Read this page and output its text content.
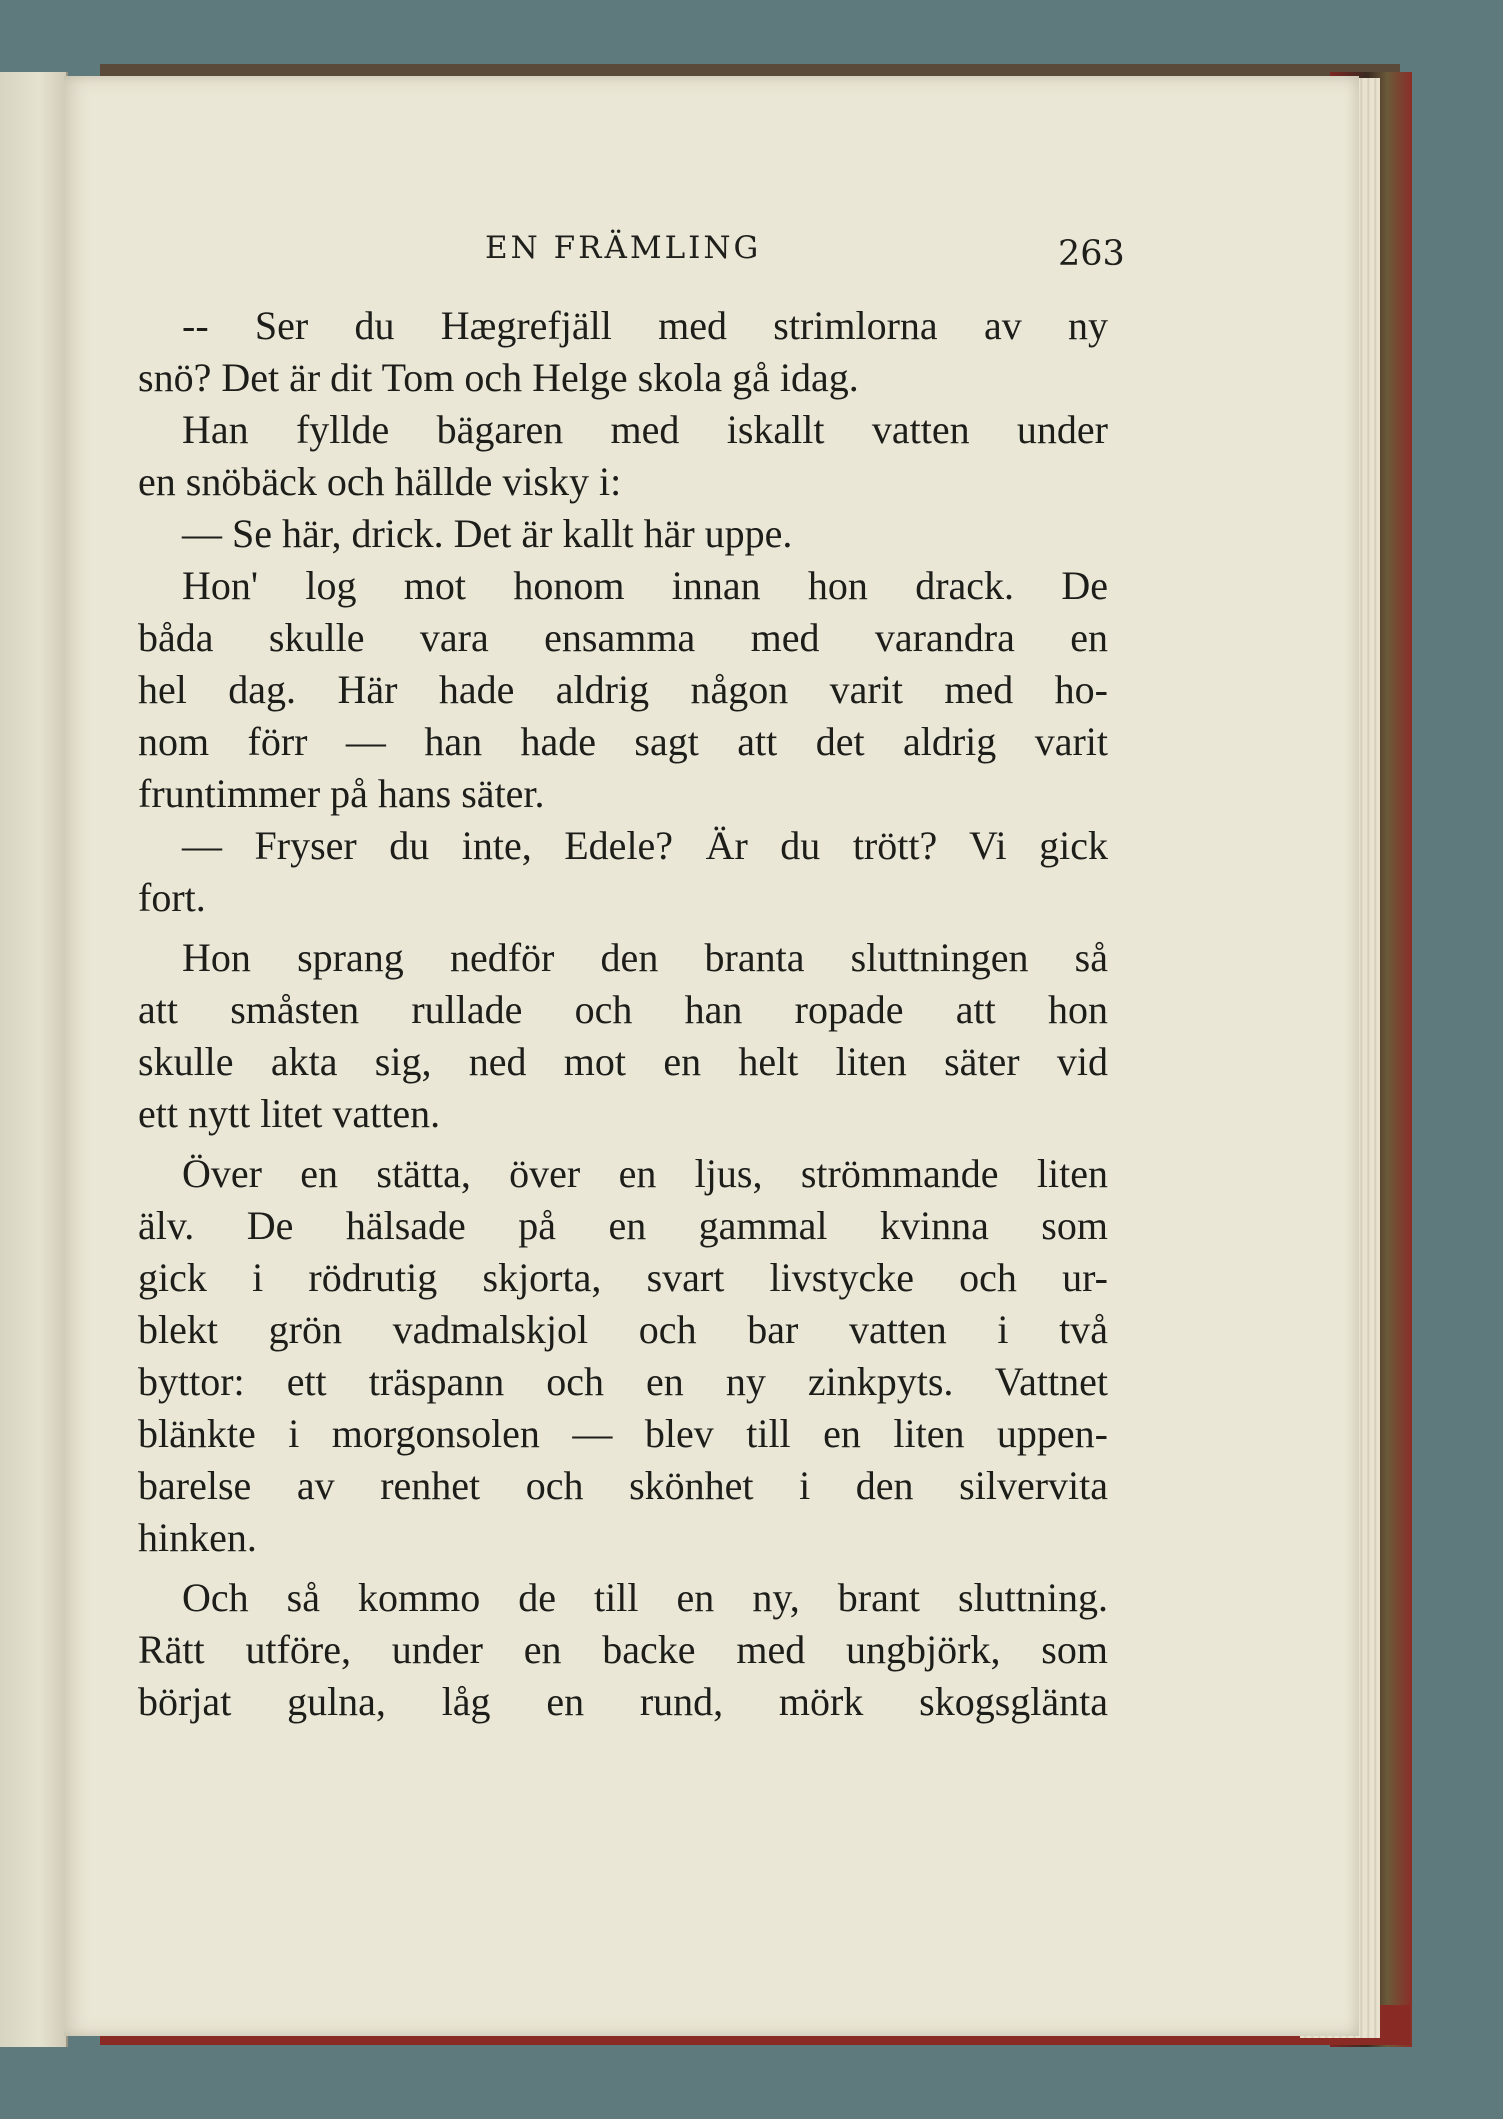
EN FRÄMLING	263
-- Ser du Hægrefjäll med strimlorna av ny
snö? Det är dit Tom och Helge skola gå idag.
Han fyllde bägaren med iskallt vatten under
en snöbäck och hällde visky i:
— Se här, drick. Det är kallt här uppe.
Hon' log mot honom innan hon drack. De
båda skulle vara ensamma med varandra en
hel dag. Här hade aldrig någon varit med ho-
nom förr — han hade sagt att det aldrig varit
fruntimmer på hans säter.
— Fryser du inte, Edele? Är du trött? Vi gick
fort.
Hon sprang nedför den branta sluttningen så
att småsten rullade och han ropade att hon
skulle akta sig, ned mot en helt liten säter vid
ett nytt litet vatten.
Över en stätta, över en ljus, strömmande liten
älv. De hälsade på en gammal kvinna som
gick i rödrutig skjorta, svart livstycke och ur-
blekt grön vadmalskjol och bar vatten i två
byttor: ett träspann och en ny zinkpyts. Vattnet
blänkte i morgonsolen — blev till en liten uppen-
barelse av renhet och skönhet i den silvervita
hinken.
Och så kommo de till en ny, brant sluttning.
Rätt utföre, under en backe med ungbjörk, som
börjat gulna, låg en rund, mörk skogsglänta
